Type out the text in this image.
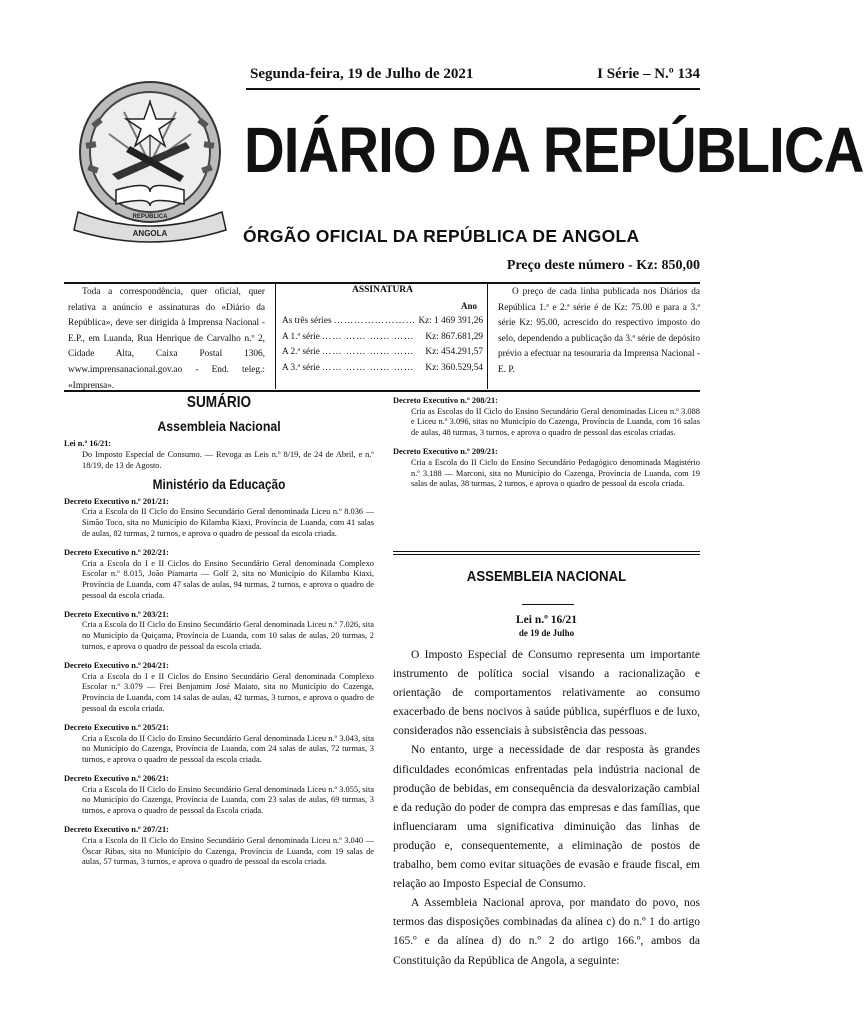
REPÚBLICA
ANGOLA
Segunda-feira, 19 de Julho de 2021	I Série – N.º 134
DIÁRIO DA REPÚBLICA
ÓRGÃO OFICIAL DA REPÚBLICA DE ANGOLA
Preço deste número - Kz: 850,00

Toda a correspondência, quer oficial, quer relativa a anúncio e assinaturas do «Diário da República», deve ser dirigida à Imprensa Nacional - E.P., em Luanda, Rua Henrique de Carvalho n.º 2, Cidade Alta, Caixa Postal 1306, www.imprensanacional.gov.ao - End. teleg.: «Imprensa».

ASSINATURA
Ano
As três séries …………………… Kz: 1 469 391,26
A 1.ª série …… …… …… ……	Kz: 867.681,29
A 2.ª série …… …… …… ……	Kz: 454.291,57
A 3.ª série …… …… …… ……	Kz: 360.529,54

O preço de cada linha publicada nos Diários da República 1.ª e 2.ª série é de Kz: 75.00 e para a 3.ª série Kz: 95.00, acrescido do respectivo imposto do selo, dependendo a publicação da 3.ª série de depósito prévio a efectuar na tesouraria da Imprensa Nacional - E. P.

SUMÁRIO
Assembleia Nacional
Lei n.º 16/21:
Do Imposto Especial de Consumo. — Revoga as Leis n.º 8/19, de 24 de Abril, e n.º 18/19, de 13 de Agosto.
Ministério da Educação
Decreto Executivo n.º 201/21:
Cria a Escola do II Ciclo do Ensino Secundário Geral denominada Liceu n.º 8.036 — Simão Toco, sita no Município do Kilamba Kiaxi, Província de Luanda, com 41 salas de aulas, 82 turmas, 2 turnos, e aprova o quadro de pessoal da escola criada.
Decreto Executivo n.º 202/21:
Cria a Escola do I e II Ciclos do Ensino Secundário Geral denominada Complexo Escolar n.º 8.015, João Piamarta — Golf 2, sita no Município do Kilamba Kiaxi, Província de Luanda, com 47 salas de aulas, 94 turmas, 2 turnos, e aprova o quadro de pessoal da escola criada.
Decreto Executivo n.º 203/21:
Cria a Escola do II Ciclo do Ensino Secundário Geral denominada Liceu n.º 7.026, sita no Município da Quiçama, Província de Luanda, com 10 salas de aulas, 20 turmas, 2 turnos, e aprova o quadro de pessoal da escola criada.
Decreto Executivo n.º 204/21:
Cria a Escola do I e II Ciclos do Ensino Secundário Geral denominada Complexo Escolar n.º 3.079 — Frei Benjamim José Maiato, sita no Município do Cazenga, Província de Luanda, com 14 salas de aulas, 42 turmas, 3 turnos, e aprova o quadro de pessoal da escola criada.
Decreto Executivo n.º 205/21:
Cria a Escola do II Ciclo do Ensino Secundário Geral denominada Liceu n.º 3.043, sita no Município do Cazenga, Província de Luanda, com 24 salas de aulas, 72 turmas, 3 turnos, e aprova o quadro de pessoal da escola criada.
Decreto Executivo n.º 206/21:
Cria a Escola do II Ciclo do Ensino Secundário Geral denominada Liceu n.º 3.055, sita no Município do Cazenga, Província de Luanda, com 23 salas de aulas, 69 turmas, 3 turnos, e aprova o quadro de pessoal da Escola criada.
Decreto Executivo n.º 207/21:
Cria a Escola do II Ciclo do Ensino Secundário Geral denominada Liceu n.º 3.040 — Óscar Ribas, sita no Município do Cazenga, Província de Luanda, com 19 salas de aulas, 57 turmas, 3 turnos, e aprova o quadro de pessoal da escola criada.
Decreto Executivo n.º 208/21:
Cria as Escolas do II Ciclo do Ensino Secundário Geral denominadas Liceu n.º 3.088 e Liceu n.º 3.096, sitas no Município do Cazenga, Província de Luanda, com 16 salas de aulas, 48 turmas, 3 turnos, e aprova o quadro de pessoal das escolas criadas.
Decreto Executivo n.º 209/21:
Cria a Escola do II Ciclo do Ensino Secundário Pedagógico denominada Magistério n.º 3.188 — Marconi, sita no Município do Cazenga, Província de Luanda, com 19 salas de aulas, 38 turmas, 2 turnos, e aprova o quadro de pessoal da escola criada.
ASSEMBLEIA NACIONAL
Lei n.º 16/21
de 19 de Julho

O Imposto Especial de Consumo representa um importante instrumento de política social visando a racionalização e orientação de comportamentos relativamente ao consumo exacerbado de bens nocivos à saúde pública, supérfluos e de luxo, considerados não essenciais à subsistência das pessoas.

No entanto, urge a necessidade de dar resposta às grandes dificuldades económicas enfrentadas pela indústria nacional de produção de bebidas, em consequência da desvalorização cambial e da redução do poder de compra das empresas e das famílias, que influenciaram uma significativa diminuição das linhas de produção e, consequentemente, a eliminação de postos de trabalho, bem como evitar situações de evasão e fraude fiscal, em relação ao Imposto Especial de Consumo.

A Assembleia Nacional aprova, por mandato do povo, nos termos das disposições combinadas da alínea c) do n.º 1 do artigo 165.º e da alínea d) do n.º 2 do artigo 166.º, ambos da Constituição da República de Angola, a seguinte:
